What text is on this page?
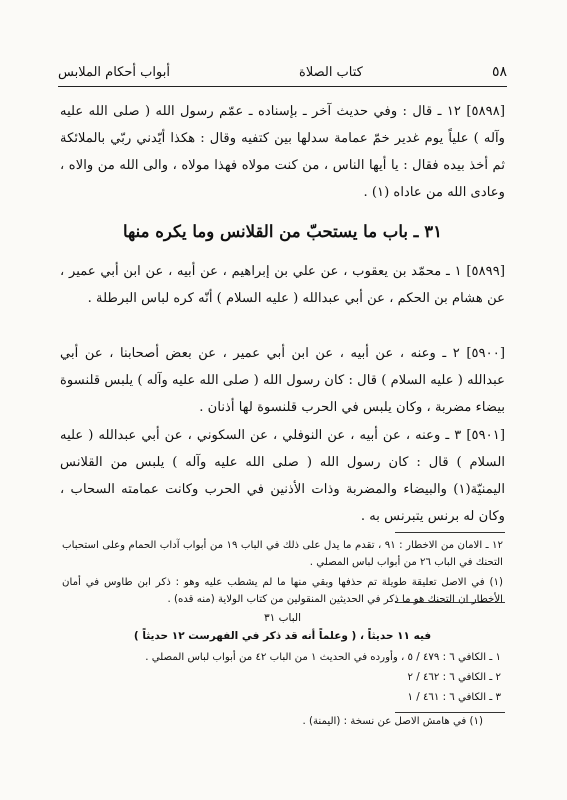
٥٨
كتاب الصلاة
أبواب أحكام الملابس
[٥٨٩٨] ١٢ ـ قال : وفي حديث آخر ـ بإسناده ـ عمّم رسول الله ( صلى الله عليه وآله ) علياً يوم غدير خمّ عمامة سدلها بين كتفيه وقال : هكذا أيّدني ربّي بالملائكة ثم أخذ بيده فقال : يا أيها الناس ، من كنت مولاه فهذا مولاه ، والى الله من والاه ، وعادى الله من عاداه (١) .
٣١ ـ باب ما يستحبّ من القلانس وما يكره منها
[٥٨٩٩] ١ ـ محمّد بن يعقوب ، عن علي بن إبراهيم ، عن أبيه ، عن ابن أبي عمير ، عن هشام بن الحكم ، عن أبي عبدالله ( عليه السلام ) أنّه كره لباس البرطلة .
[٥٩٠٠] ٢ ـ وعنه ، عن أبيه ، عن ابن أبي عمير ، عن بعض أصحابنا ، عن أبي عبدالله ( عليه السلام ) قال : كان رسول الله ( صلى الله عليه وآله ) يلبس قلنسوة بيضاء مضربة ، وكان يلبس في الحرب قلنسوة لها أذنان .
[٥٩٠١] ٣ ـ وعنه ، عن أبيه ، عن النوفلي ، عن السكوني ، عن أبي عبدالله ( عليه السلام ) قال : كان رسول الله ( صلى الله عليه وآله ) يلبس من القلانس اليمنيّة(١) والبيضاء والمضربة وذات الأذنين في الحرب وكانت عمامته السحاب ، وكان له برنس يتبرنس به .
١٢ ـ الامان من الاخطار : ٩١ ، تقدم ما يدل على ذلك في الباب ١٩ من أبواب آداب الحمام وعلى استحباب التحنك في الباب ٢٦ من أبواب لباس المصلي .
(١) في الاصل تعليقة طويلة تم حذفها وبقي منها ما لم يشطب عليه وهو : ذكر ابن طاوس في أمان الأخطار ان التحنك هو ما ذكر في الحديثين المنقولين من كتاب الولاية (منه قده) .
الباب ٣١
فيه ١١ حديثاً ، ( وعلماً أنه قد ذكر في الفهرست ١٢ حديثاً )
١ ـ الكافي ٦ : ٤٧٩ / ٥ ، وأورده في الحديث ١ من الباب ٤٢ من أبواب لباس المصلي .
٢ ـ الكافي ٦ : ٤٦٢ / ٢
٣ ـ الكافي ٦ : ٤٦١ / ١
(١) في هامش الاصل عن نسخة : (اليمنة) .
